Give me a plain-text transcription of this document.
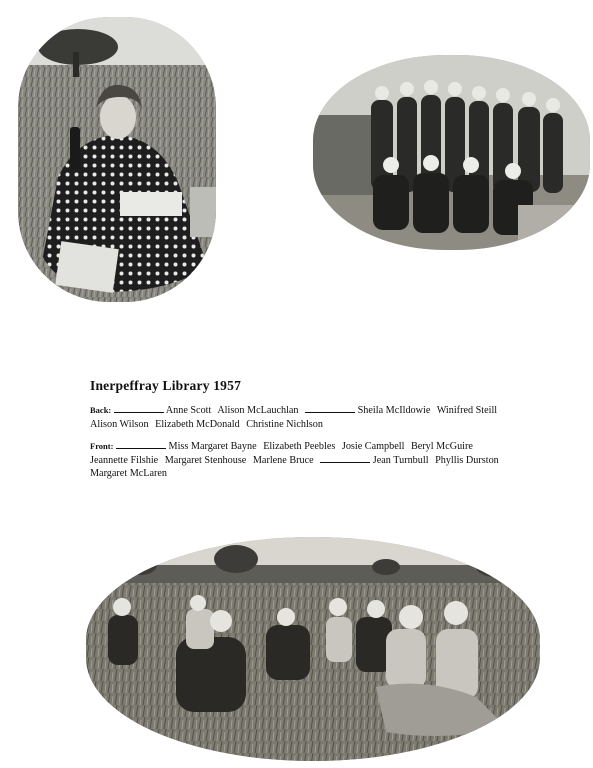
Inerpeffray Library 1957
Back:	Anne Scott Alison McLauchlan	Sheila McIldowie Winifred Steill
Alison Wilson Elizabeth McDonald Christine Nichlson
Front:	Miss Margaret Bayne Elizabeth Peebles Josie Campbell Beryl McGuire
Jeannette Filshie Margaret Stenhouse Marlene Bruce	Jean Turnbull Phyllis Durston
Margaret McLaren
